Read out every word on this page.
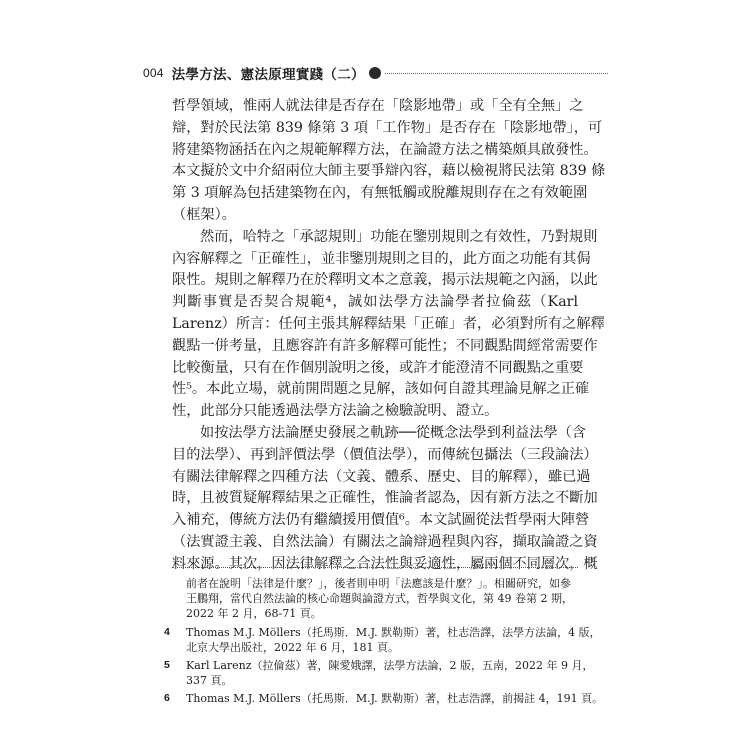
004 法學方法、憲法原理實踐（二）
哲學領域，惟兩人就法律是否存在「陰影地帶」或「全有全無」之
辯，對於民法第 839 條第 3 項「工作物」是否存在「陰影地帶」，可
將建築物涵括在內之規範解釋方法，在論證方法之構築頗具啟發性。
本文擬於文中介紹兩位大師主要爭辯內容，藉以檢視將民法第 839 條
第 3 項解為包括建築物在內，有無牴觸或脫離規則存在之有效範圍
（框架）。
然而，哈特之「承認規則」功能在鑒別規則之有效性，乃對規則
內容解釋之「正確性」，並非鑒別規則之目的，此方面之功能有其侷
限性。規則之解釋乃在於釋明文本之意義，揭示法規範之內涵，以此
判斷事實是否契合規範⁴，誠如法學方法論學者拉倫茲（Karl
Larenz）所言：任何主張其解釋結果「正確」者，必須對所有之解釋
觀點一併考量，且應容許有許多解釋可能性；不同觀點間經常需要作
比較衡量，只有在作個別說明之後，或許才能澄清不同觀點之重要
性⁵。本此立場，就前開問題之見解，該如何自證其理論見解之正確
性，此部分只能透過法學方法論之檢驗說明、證立。
如按法學方法論歷史發展之軌跡──從概念法學到利益法學（含
目的法學）、再到評價法學（價值法學），而傳統包攝法（三段論法）
有關法律解釋之四種方法（文義、體系、歷史、目的解釋），雖已過
時，且被質疑解釋結果之正確性，惟論者認為，因有新方法之不斷加
入補充，傳統方法仍有繼續援用價值⁶。本文試圖從法哲學兩大陣營
（法實證主義、自然法論）有關法之論辯過程與內容，擷取論證之資
料來源。其次，因法律解釋之合法性與妥適性，屬兩個不同層次，概
前者在說明「法律是什麼？」，後者則申明「法應該是什麼？」。相關研究，如參
王鵬翔，當代自然法論的核心命題與論證方式，哲學與文化，第 49 卷第 2 期，
2022 年 2 月，68-71 頁。
4	Thomas M.J. Möllers（托馬斯．M.J. 默勒斯）著，杜志浩譯，法學方法論，4 版，
北京大學出版社，2022 年 6 月，181 頁。
5	Karl Larenz（拉倫茲）著，陳愛娥譯，法學方法論，2 版，五南，2022 年 9 月，
337 頁。
6	Thomas M.J. Möllers（托馬斯．M.J. 默勒斯）著，杜志浩譯，前揭註 4，191 頁。
